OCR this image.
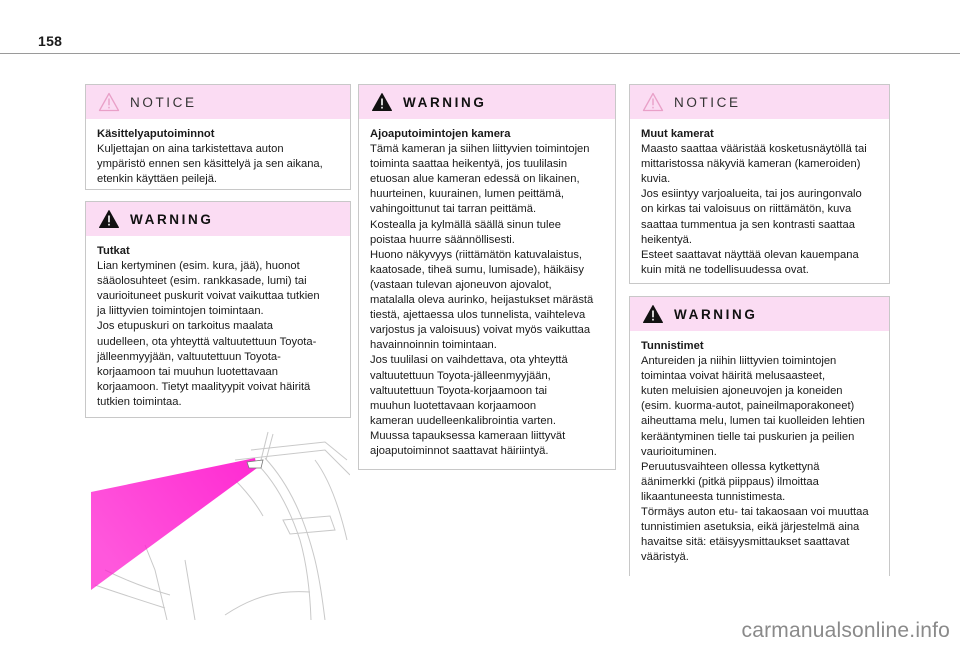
158
NOTICE

Käsittelyaputoiminnot

Kuljettajan on aina tarkistettava auton

ympäristö ennen sen käsittelyä ja sen aikana,

etenkin käyttäen peilejä.

WARNING

Tutkat

Lian kertyminen (esim. kura, jää), huonot

sääolosuhteet (esim. rankkasade, lumi) tai

vaurioituneet puskurit voivat vaikuttaa tutkien

ja liittyvien toimintojen toimintaan.

Jos etupuskuri on tarkoitus maalata

uudelleen, ota yhteyttä valtuutettuun Toyota-

jälleenmyyjään, valtuutettuun Toyota-

korjaamoon tai muuhun luotettavaan

korjaamoon. Tietyt maalityypit voivat häiritä

tutkien toimintaa.

WARNING

Ajoaputoimintojen kamera

Tämä kameran ja siihen liittyvien toimintojen

toiminta saattaa heikentyä, jos tuulilasin

etuosan alue kameran edessä on likainen,

huurteinen, kuurainen, lumen peittämä,

vahingoittunut tai tarran peittämä.

Kostealla ja kylmällä säällä sinun tulee

poistaa huurre säännöllisesti.

Huono näkyvyys (riittämätön katuvalaistus,

kaatosade, tiheä sumu, lumisade), häikäisy

(vastaan tulevan ajoneuvon ajovalot,

matalalla oleva aurinko, heijastukset märästä

tiestä, ajettaessa ulos tunnelista, vaihteleva

varjostus ja valoisuus) voivat myös vaikuttaa

havainnoinnin toimintaan.

Jos tuulilasi on vaihdettava, ota yhteyttä

valtuutettuun Toyota-jälleenmyyjään,

valtuutettuun Toyota-korjaamoon tai

muuhun luotettavaan korjaamoon

kameran uudelleenkalibrointia varten.

Muussa tapauksessa kameraan liittyvät

ajoaputoiminnot saattavat häiriintyä.

NOTICE

Muut kamerat

Maasto saattaa vääristää kosketusnäytöllä tai

mittaristossa näkyviä kameran (kameroiden)

kuvia.

Jos esiintyy varjoalueita, tai jos auringonvalo

on kirkas tai valoisuus on riittämätön, kuva

saattaa tummentua ja sen kontrasti saattaa

heikentyä.

Esteet saattavat näyttää olevan kauempana

kuin mitä ne todellisuudessa ovat.

WARNING

Tunnistimet

Antureiden ja niihin liittyvien toimintojen

toimintaa voivat häiritä melusaasteet,

kuten meluisien ajoneuvojen ja koneiden

(esim. kuorma-autot, paineilmaporakoneet)

aiheuttama melu, lumen tai kuolleiden lehtien

kerääntyminen tielle tai puskurien ja peilien

vaurioituminen.

Peruutusvaihteen ollessa kytkettynä

äänimerkki (pitkä piippaus) ilmoittaa

likaantuneesta tunnistimesta.

Törmäys auton etu- tai takaosaan voi muuttaa

tunnistimien asetuksia, eikä järjestelmä aina

havaitse sitä: etäisyysmittaukset saattavat

vääristyä.

carmanualsonline.info
